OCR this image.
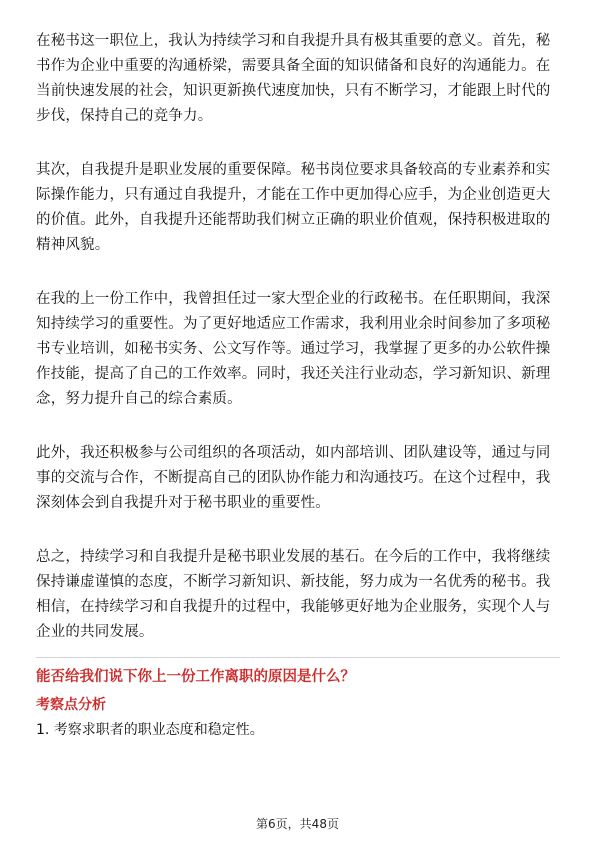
在秘书这一职位上，我认为持续学习和自我提升具有极其重要的意义。首先，秘书作为企业中重要的沟通桥梁，需要具备全面的知识储备和良好的沟通能力。在当前快速发展的社会，知识更新换代速度加快，只有不断学习，才能跟上时代的步伐，保持自己的竞争力。

其次，自我提升是职业发展的重要保障。秘书岗位要求具备较高的专业素养和实际操作能力，只有通过自我提升，才能在工作中更加得心应手，为企业创造更大的价值。此外，自我提升还能帮助我们树立正确的职业价值观，保持积极进取的精神风貌。

在我的上一份工作中，我曾担任过一家大型企业的行政秘书。在任职期间，我深知持续学习的重要性。为了更好地适应工作需求，我利用业余时间参加了多项秘书专业培训，如秘书实务、公文写作等。通过学习，我掌握了更多的办公软件操作技能，提高了自己的工作效率。同时，我还关注行业动态，学习新知识、新理念，努力提升自己的综合素质。

此外，我还积极参与公司组织的各项活动，如内部培训、团队建设等，通过与同事的交流与合作，不断提高自己的团队协作能力和沟通技巧。在这个过程中，我深刻体会到自我提升对于秘书职业的重要性。

总之，持续学习和自我提升是秘书职业发展的基石。在今后的工作中，我将继续保持谦虚谨慎的态度，不断学习新知识、新技能，努力成为一名优秀的秘书。我相信，在持续学习和自我提升的过程中，我能够更好地为企业服务，实现个人与企业的共同发展。

能否给我们说下你上一份工作离职的原因是什么？

考察点分析

1. 考察求职者的职业态度和稳定性。

第6页，共48页
